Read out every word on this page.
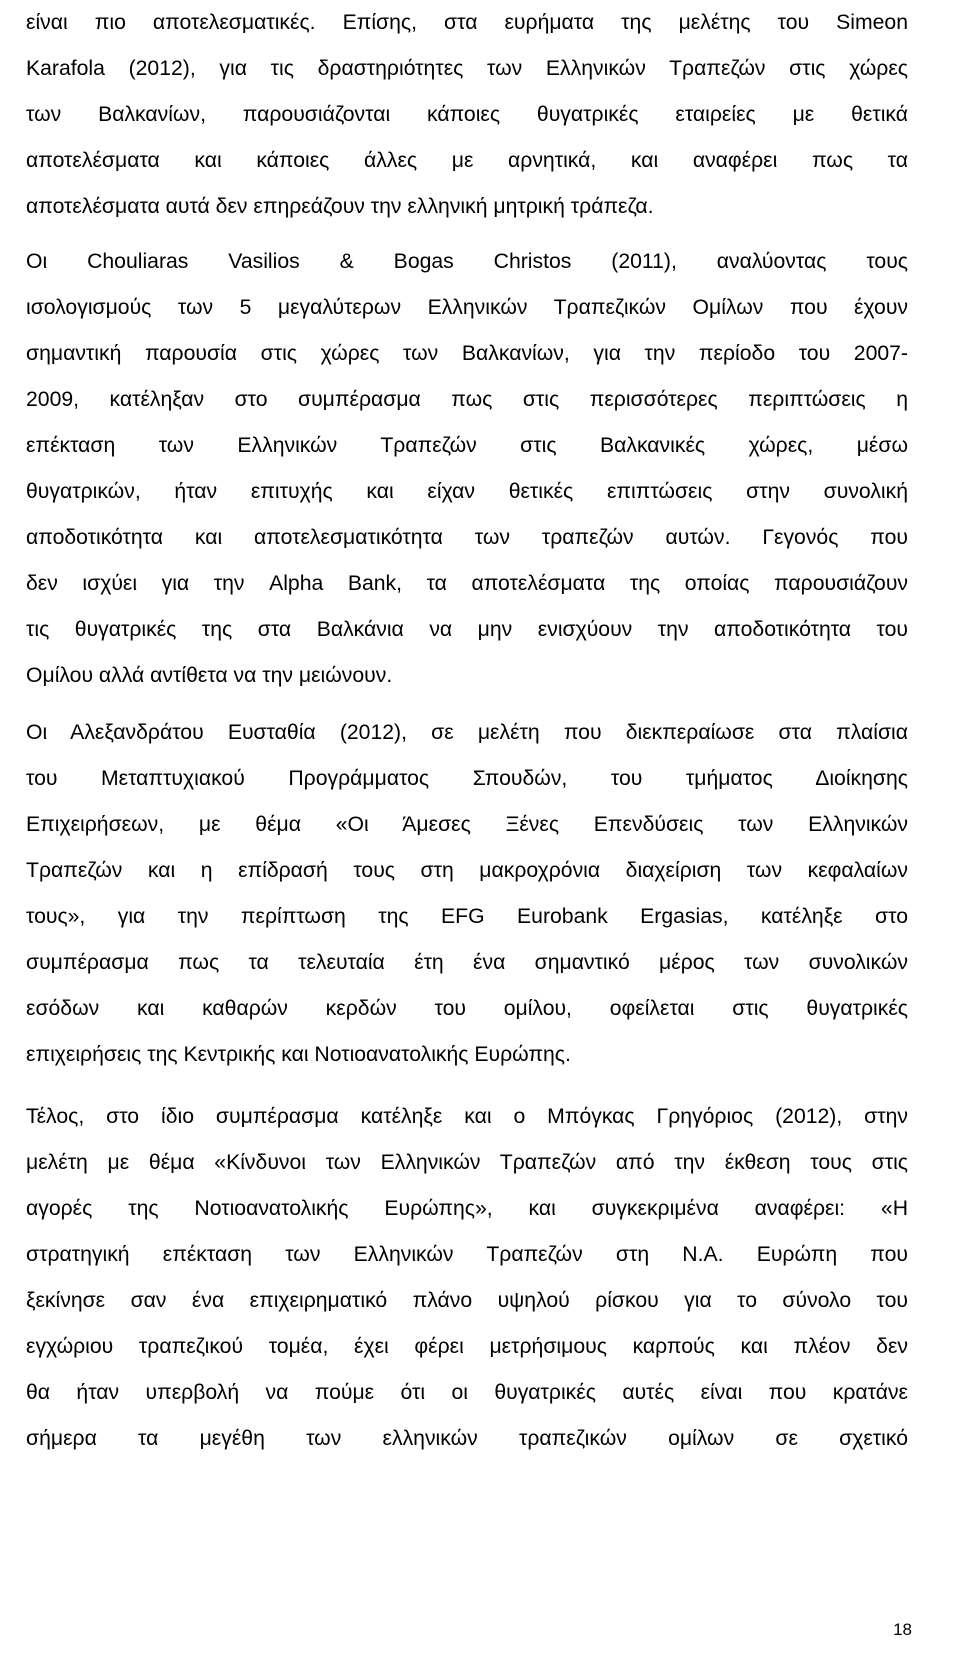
είναι πιο αποτελεσματικές. Επίσης, στα ευρήματα της μελέτης του Simeon
Karafola (2012), για τις δραστηριότητες των Ελληνικών Τραπεζών στις χώρες
των Βαλκανίων, παρουσιάζονται κάποιες θυγατρικές εταιρείες με θετικά
αποτελέσματα και κάποιες άλλες με αρνητικά, και αναφέρει πως τα
αποτελέσματα αυτά δεν επηρεάζουν την ελληνική μητρική τράπεζα.
Οι Chouliaras Vasilios & Bogas Christos (2011), αναλύοντας τους
ισολογισμούς των 5 μεγαλύτερων Ελληνικών Τραπεζικών Ομίλων που έχουν
σημαντική παρουσία στις χώρες των Βαλκανίων, για την περίοδο του 2007-
2009, κατέληξαν στο συμπέρασμα πως στις περισσότερες περιπτώσεις η
επέκταση των Ελληνικών Τραπεζών στις Βαλκανικές χώρες, μέσω
θυγατρικών, ήταν επιτυχής και είχαν θετικές επιπτώσεις στην συνολική
αποδοτικότητα και αποτελεσματικότητα των τραπεζών αυτών. Γεγονός που
δεν ισχύει για την Alpha Bank, τα αποτελέσματα της οποίας παρουσιάζουν
τις θυγατρικές της στα Βαλκάνια να μην ενισχύουν την αποδοτικότητα του
Ομίλου αλλά αντίθετα να την μειώνουν.
Οι Αλεξανδράτου Ευσταθία (2012), σε μελέτη που διεκπεραίωσε στα πλαίσια
του Μεταπτυχιακού Προγράμματος Σπουδών, του τμήματος Διοίκησης
Επιχειρήσεων, με θέμα «Οι Άμεσες Ξένες Επενδύσεις των Ελληνικών
Τραπεζών και η επίδρασή τους στη μακροχρόνια διαχείριση των κεφαλαίων
τους», για την περίπτωση της EFG Eurobank Ergasias, κατέληξε στο
συμπέρασμα πως τα τελευταία έτη ένα σημαντικό μέρος των συνολικών
εσόδων και καθαρών κερδών του ομίλου, οφείλεται στις θυγατρικές
επιχειρήσεις της Κεντρικής και Νοτιοανατολικής Ευρώπης.
Τέλος, στο ίδιο συμπέρασμα κατέληξε και ο Μπόγκας Γρηγόριος (2012), στην
μελέτη με θέμα «Κίνδυνοι των Ελληνικών Τραπεζών από την έκθεση τους στις
αγορές της Νοτιοανατολικής Ευρώπης», και συγκεκριμένα αναφέρει: «Η
στρατηγική επέκταση των Ελληνικών Τραπεζών στη Ν.Α. Ευρώπη που
ξεκίνησε σαν ένα επιχειρηματικό πλάνο υψηλού ρίσκου για το σύνολο του
εγχώριου τραπεζικού τομέα, έχει φέρει μετρήσιμους καρπούς και πλέον δεν
θα ήταν υπερβολή να πούμε ότι οι θυγατρικές αυτές είναι που κρατάνε
σήμερα τα μεγέθη των ελληνικών τραπεζικών ομίλων σε σχετικό
18
